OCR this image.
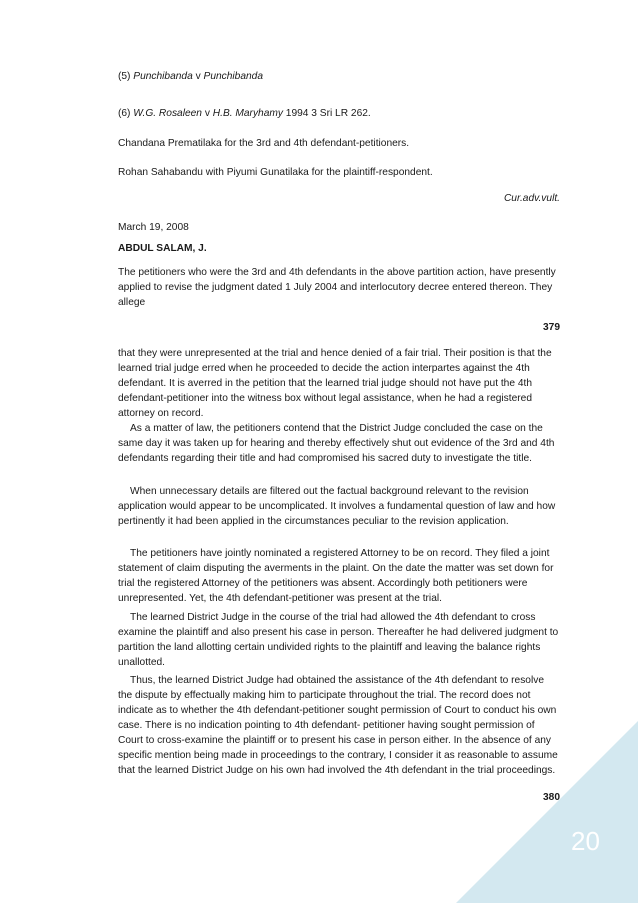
(5) Punchibanda v Punchibanda
(6) W.G. Rosaleen v H.B. Maryhamy 1994 3 Sri LR 262.
Chandana Prematilaka for the 3rd and 4th defendant-petitioners.
Rohan Sahabandu with Piyumi Gunatilaka for the plaintiff-respondent.
Cur.adv.vult.
March 19, 2008
ABDUL SALAM, J.

The petitioners who were the 3rd and 4th defendants in the above partition action, have presently applied to revise the judgment dated 1 July 2004 and interlocutory decree entered thereon. They allege

379

that they were unrepresented at the trial and hence denied of a fair trial. Their position is that the learned trial judge erred when he proceeded to decide the action interpartes against the 4th defendant. It is averred in the petition that the learned trial judge should not have put the 4th defendant-petitioner into the witness box without legal assistance, when he had a registered attorney on record.

As a matter of law, the petitioners contend that the District Judge concluded the case on the same day it was taken up for hearing and thereby effectively shut out evidence of the 3rd and 4th defendants regarding their title and had compromised his sacred duty to investigate the title.

When unnecessary details are filtered out the factual background relevant to the revision application would appear to be uncomplicated. It involves a fundamental question of law and how pertinently it had been applied in the circumstances peculiar to the revision application.

The petitioners have jointly nominated a registered Attorney to be on record. They filed a joint statement of claim disputing the averments in the plaint. On the date the matter was set down for trial the registered Attorney of the petitioners was absent. Accordingly both petitioners were unrepresented. Yet, the 4th defendant-petitioner was present at the trial.

The learned District Judge in the course of the trial had allowed the 4th defendant to cross examine the plaintiff and also present his case in person. Thereafter he had delivered judgment to partition the land allotting certain undivided rights to the plaintiff and leaving the balance rights unallotted.

Thus, the learned District Judge had obtained the assistance of the 4th defendant to resolve the dispute by effectually making him to participate throughout the trial. The record does not indicate as to whether the 4th defendant-petitioner sought permission of Court to conduct his own case. There is no indication pointing to 4th defendant- petitioner having sought permission of Court to cross-examine the plaintiff or to present his case in person either. In the absence of any specific mention being made in proceedings to the contrary, I consider it as reasonable to assume that the learned District Judge on his own had involved the 4th defendant in the trial proceedings.

380
20
